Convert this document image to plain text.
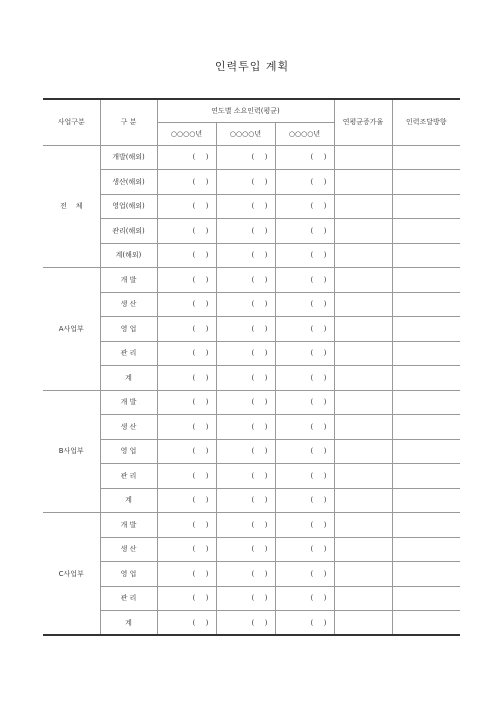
인력투입 계획
사업구분	구 분	연도별 소요인력(평균)			연평균증가율	인력조달방향
		○○○○년	○○○○년	○○○○년		
전    체	개발(해외)	( )	( )	( )		

	생산(해외)	( )	( )	( )		

	영업(해외)	( )	( )	( )		

	관리(해외)	( )	( )	( )		

	계(해외)	( )	( )	( )		

A사업부	개 발	( )	( )	( )		

	생 산	( )	( )	( )		

	영 업	( )	( )	( )		

	관 리	( )	( )	( )		

	계	( )	( )	( )		

B사업부	개 발	( )	( )	( )		

	생 산	( )	( )	( )		

	영 업	( )	( )	( )		

	관 리	( )	( )	( )		

	계	( )	( )	( )		

C사업부	개 발	( )	( )	( )		

	생 산	( )	( )	( )		

	영 업	( )	( )	( )		

	관 리	( )	( )	( )		

	계	( )	( )	( )		
